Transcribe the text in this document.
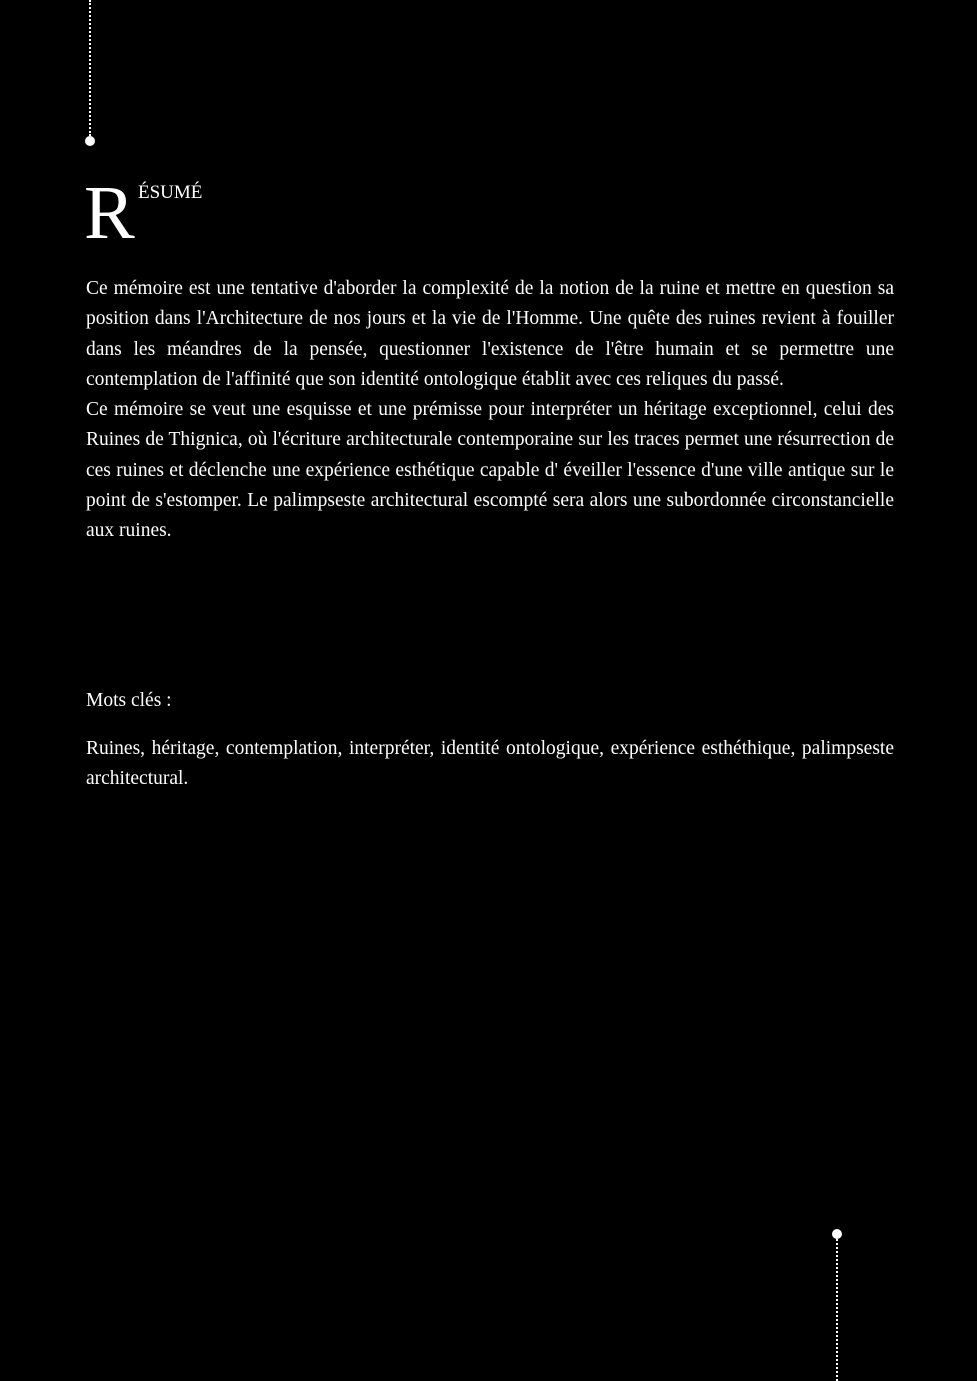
R ÉSUMÉ

Ce mémoire est une tentative d'aborder la complexité de la notion de la ruine et mettre en question sa position dans l'Architecture de nos jours et la vie de l'Homme. Une quête des ruines revient à fouiller dans les méandres de la pensée, questionner l'existence de l'être humain et se permettre une contemplation de l'affinité que son identité ontologique établit avec ces reliques du passé.

Ce mémoire se veut une esquisse et une prémisse pour interpréter un héritage exceptionnel, celui des Ruines de Thignica, où l'écriture architecturale contemporaine sur les traces permet une résurrection de ces ruines et déclenche une expérience esthétique capable d' éveiller l'essence d'une ville antique sur le point de s'estomper. Le palimpseste architectural escompté sera alors une subordonnée circonstancielle aux ruines.

Mots clés :
Ruines, héritage, contemplation, interpréter, identité ontologique, expérience esthéthique, palimpseste architectural.
